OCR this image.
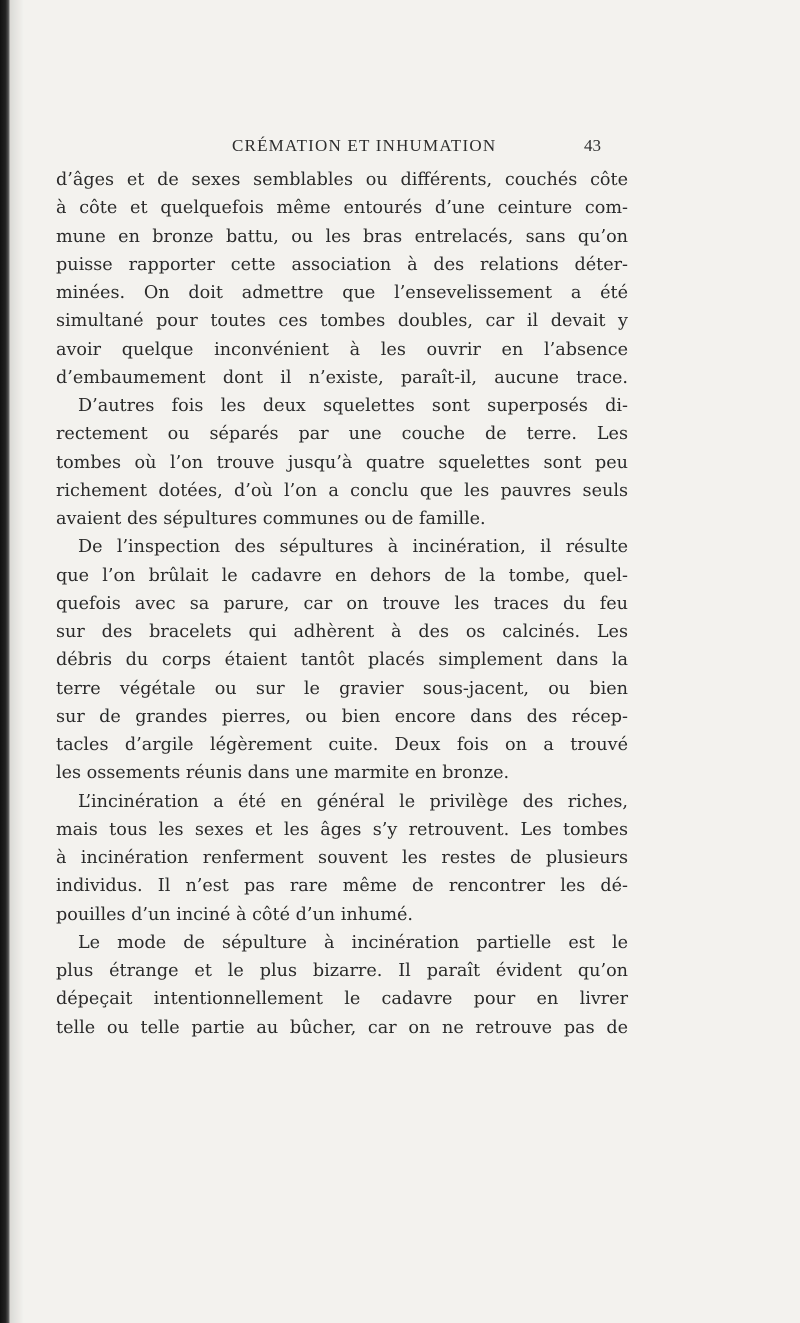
CRÉMATION ET INHUMATION	43
d’âges et de sexes semblables ou différents, couchés côte
à côte et quelquefois même entourés d’une ceinture com-
mune en bronze battu, ou les bras entrelacés, sans qu’on
puisse rapporter cette association à des relations déter-
minées. On doit admettre que l’ensevelissement a été
simultané pour toutes ces tombes doubles, car il devait y
avoir quelque inconvénient à les ouvrir en l’absence
d’embaumement dont il n’existe, paraît-il, aucune trace.
D’autres fois les deux squelettes sont superposés di-
rectement ou séparés par une couche de terre. Les
tombes où l’on trouve jusqu’à quatre squelettes sont peu
richement dotées, d’où l’on a conclu que les pauvres seuls
avaient des sépultures communes ou de famille.
De l’inspection des sépultures à incinération, il résulte
que l’on brûlait le cadavre en dehors de la tombe, quel-
quefois avec sa parure, car on trouve les traces du feu
sur des bracelets qui adhèrent à des os calcinés. Les
débris du corps étaient tantôt placés simplement dans la
terre végétale ou sur le gravier sous-jacent, ou bien
sur de grandes pierres, ou bien encore dans des récep-
tacles d’argile légèrement cuite. Deux fois on a trouvé
les ossements réunis dans une marmite en bronze.
L’incinération a été en général le privilège des riches,
mais tous les sexes et les âges s’y retrouvent. Les tombes
à incinération renferment souvent les restes de plusieurs
individus. Il n’est pas rare même de rencontrer les dé-
pouilles d’un inciné à côté d’un inhumé.
Le mode de sépulture à incinération partielle est le
plus étrange et le plus bizarre. Il paraît évident qu’on
dépeçait intentionnellement le cadavre pour en livrer
telle ou telle partie au bûcher, car on ne retrouve pas de
